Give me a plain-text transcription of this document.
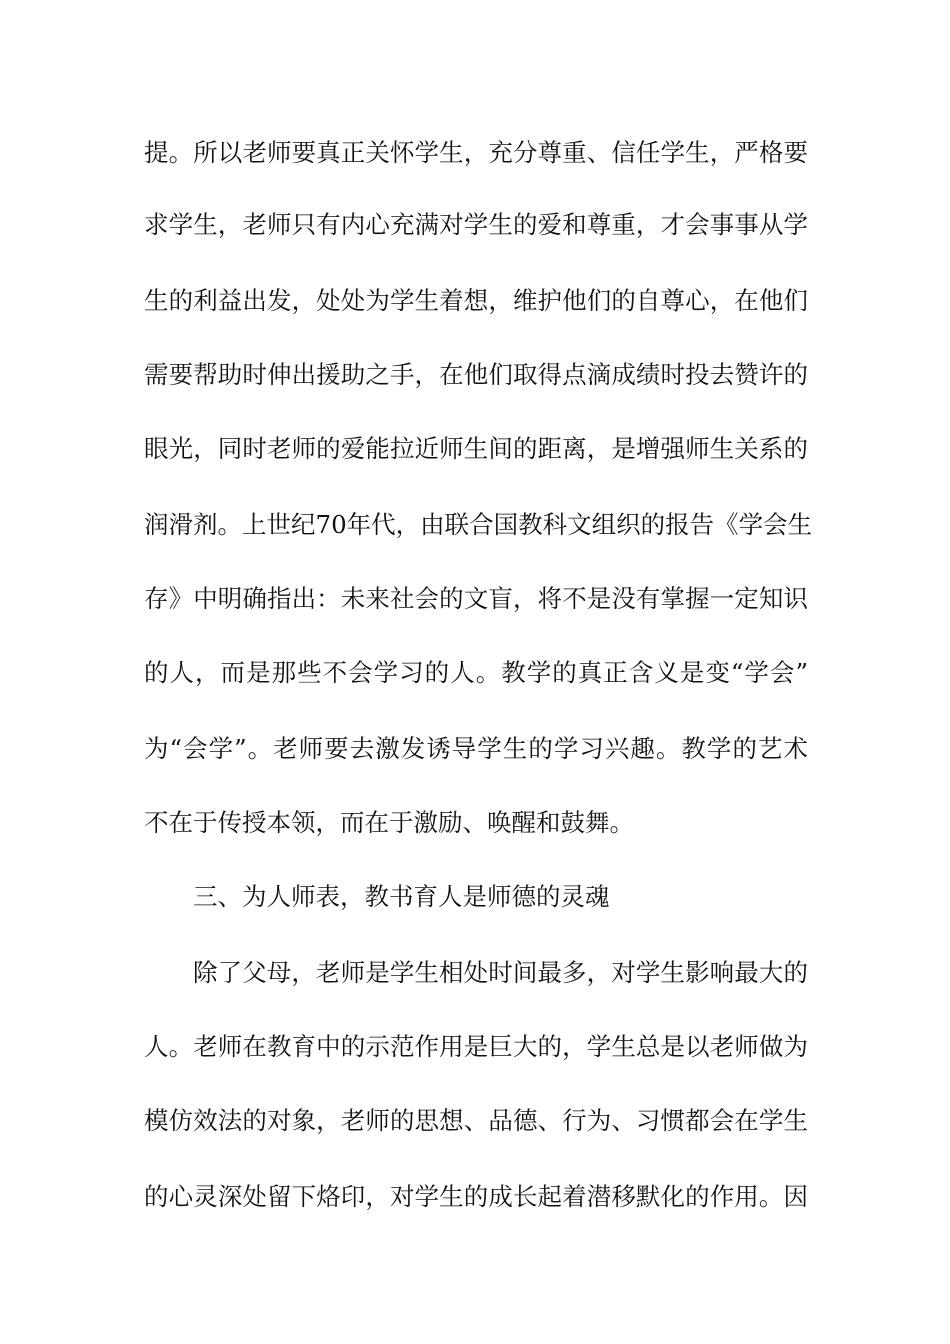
提。所以老师要真正关怀学生，充分尊重、信任学生，严格要
求学生，老师只有内心充满对学生的爱和尊重，才会事事从学
生的利益出发，处处为学生着想，维护他们的自尊心，在他们
需要帮助时伸出援助之手，在他们取得点滴成绩时投去赞许的
眼光，同时老师的爱能拉近师生间的距离，是增强师生关系的
润滑剂。上世纪70年代，由联合国教科文组织的报告《学会生
存》中明确指出：未来社会的文盲，将不是没有掌握一定知识
的人，而是那些不会学习的人。教学的真正含义是变“学会”
为“会学”。老师要去激发诱导学生的学习兴趣。教学的艺术
不在于传授本领，而在于激励、唤醒和鼓舞。
三、为人师表，教书育人是师德的灵魂
除了父母，老师是学生相处时间最多，对学生影响最大的
人。老师在教育中的示范作用是巨大的，学生总是以老师做为
模仿效法的对象，老师的思想、品德、行为、习惯都会在学生
的心灵深处留下烙印，对学生的成长起着潜移默化的作用。因
